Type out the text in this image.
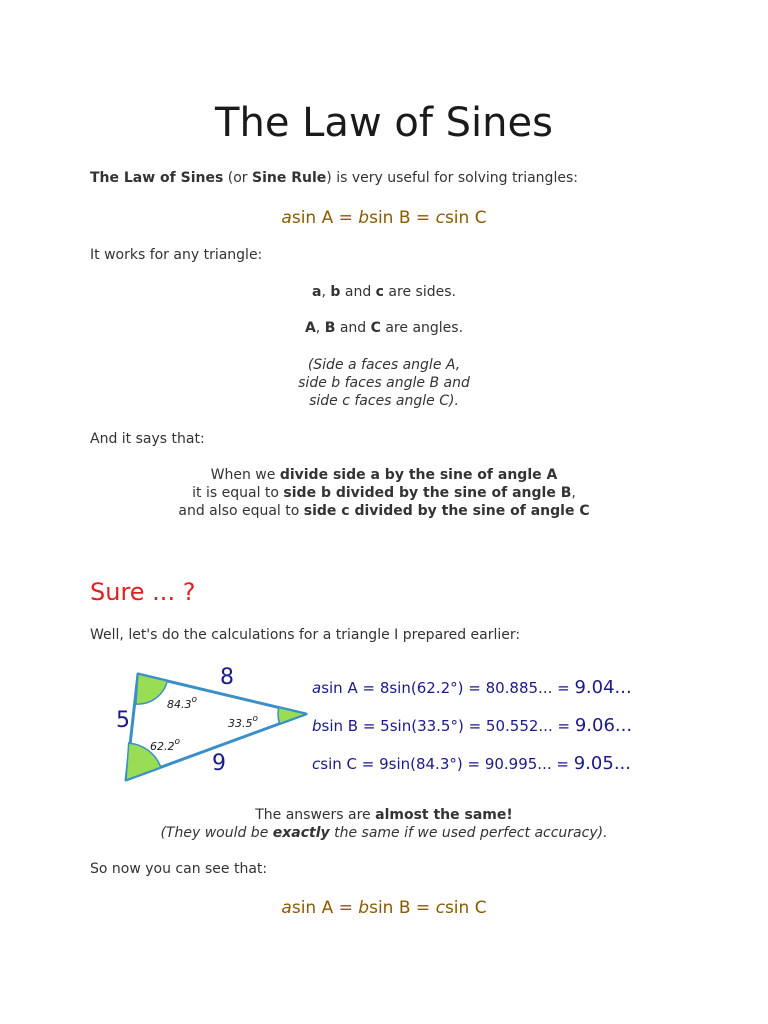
The Law of Sines
The Law of Sines (or Sine Rule) is very useful for solving triangles:
asin A = bsin B = csin C
It works for any triangle:
a, b and c are sides.
A, B and C are angles.
(Side a faces angle A,
side b faces angle B and
side c faces angle C).
And it says that:
When we divide side a by the sine of angle A
it is equal to side b divided by the sine of angle B,
and also equal to side c divided by the sine of angle C
Sure ... ?
Well, let's do the calculations for a triangle I prepared earlier:
8
5
9
84.3$^o$
33.5$^o$
62.2$^o$
asin A = 8sin(62.2°) = 80.885... = 9.04...
bsin B = 5sin(33.5°) = 50.552... = 9.06...
csin C = 9sin(84.3°) = 90.995... = 9.05...
The answers are almost the same!
(They would be exactly the same if we used perfect accuracy).
So now you can see that:
asin A = bsin B = csin C
